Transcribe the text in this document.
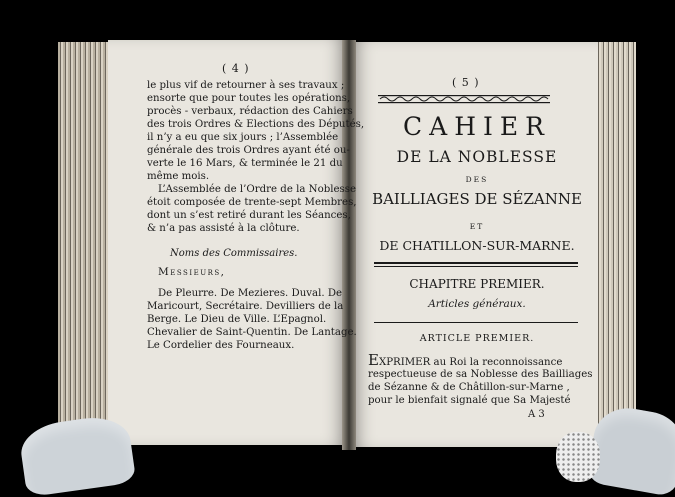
( 4 )
le plus vif de retourner à ses travaux ;
ensorte que pour toutes les opérations,
procès - verbaux, rédaction des Cahiers
des trois Ordres & Elections des Députés,
il n’y a eu que six jours ; l’Assemblée
générale des trois Ordres ayant été ou-
verte le 16 Mars, & terminée le 21 du
même mois.
L’Assemblée de l’Ordre de la Noblesse
étoit composée de trente-sept Membres,
dont un s’est retiré durant les Séances,
& n’a pas assisté à la clôture.
Noms des Commissaires.
Messieurs,
De Pleurre. De Mezieres. Duval. De
Maricourt, Secrétaire. Devilliers de la
Berge. Le Dieu de Ville. L’Epagnol.
Chevalier de Saint-Quentin. De Lantage.
Le Cordelier des Fourneaux.
( 5 )
CAHIER
DE LA NOBLESSE
DES
BAILLIAGES DE SÉZANNE
ET
DE CHATILLON-SUR-MARNE.
CHAPITRE PREMIER.
Articles généraux.
ARTICLE PREMIER.
EXPRIMER au Roi la reconnoissance
respectueuse de sa Noblesse des Bailliages
de Sézanne & de Châtillon-sur-Marne ,
pour le bienfait signalé que Sa Majesté
A 3
